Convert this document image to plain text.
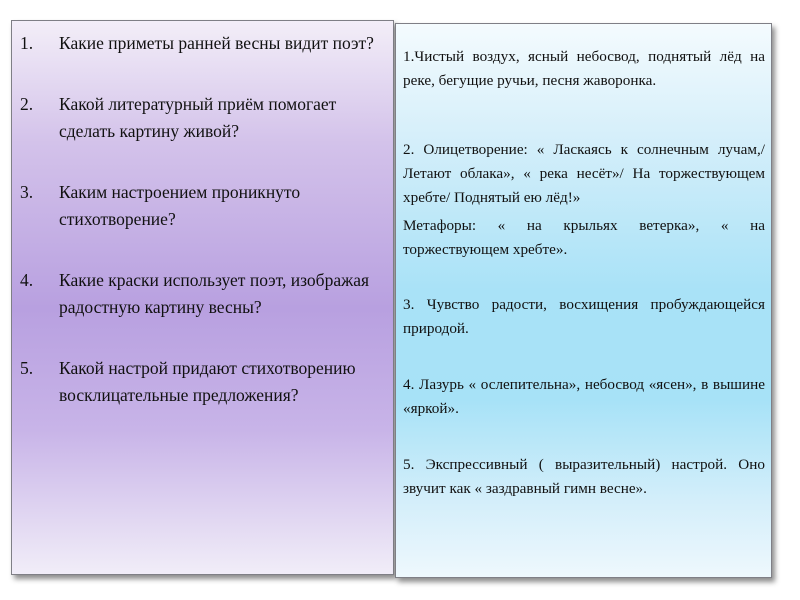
1. Какие приметы ранней весны видит поэт?
2. Какой литературный приём помогает сделать картину живой?
3. Каким настроением проникнуто стихотворение?
4. Какие краски использует поэт, изображая радостную картину весны?
5. Какой настрой придают стихотворению восклицательные предложения?

1.Чистый воздух, ясный небосвод, поднятый лёд на реке, бегущие ручьи, песня жаворонка.

2. Олицетворение: « Ласкаясь к солнечным лучам,/ Летают облака», « река несёт»/ На торжествующем хребте/ Поднятый ею лёд!»

Метафоры: « на крыльях ветерка», « на торжествующем хребте».

3. Чувство радости, восхищения пробуждающейся природой.

4. Лазурь « ослепительна», небосвод «ясен», в вышине «яркой».

5. Экспрессивный ( выразительный) настрой. Оно звучит как « заздравный гимн весне».
